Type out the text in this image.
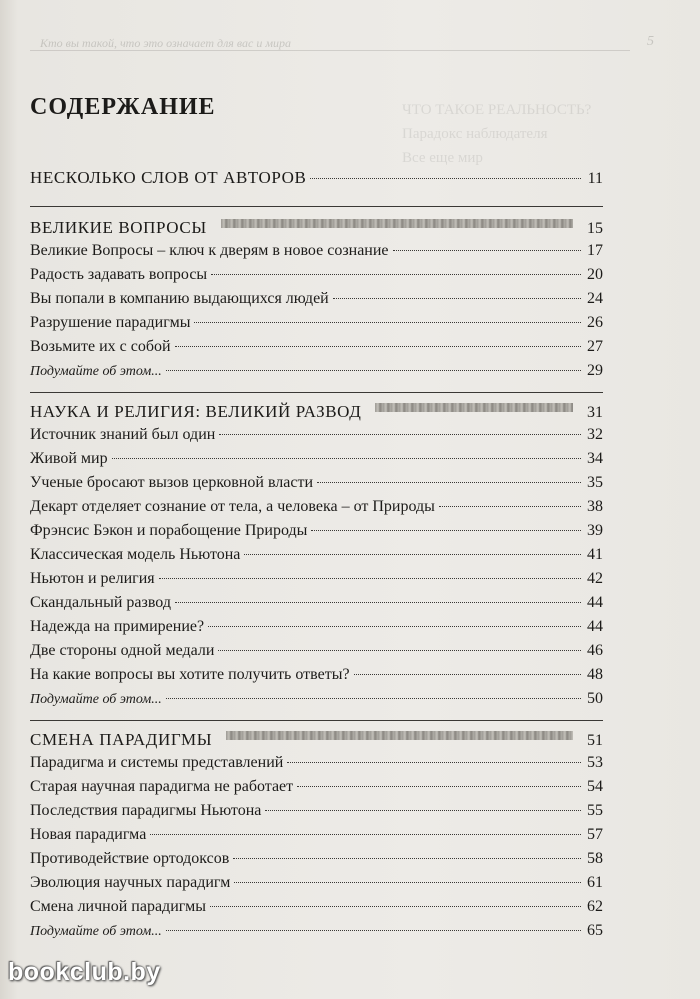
ЧТО ТАКОЕ РЕАЛЬНОСТЬ?
Парадокс наблюдателя
Все еще мир
Кто вы такой, что это означает для вас и мира	5
СОДЕРЖАНИЕ
НЕСКОЛЬКО СЛОВ ОТ АВТОРОВ	11
ВЕЛИКИЕ ВОПРОСЫ	15
Великие Вопросы – ключ к дверям в новое сознание	17
Радость задавать вопросы	20
Вы попали в компанию выдающихся людей	24
Разрушение парадигмы	26
Возьмите их с собой	27
Подумайте об этом...	29
НАУКА И РЕЛИГИЯ: ВЕЛИКИЙ РАЗВОД	31
Источник знаний был один	32
Живой мир	34
Ученые бросают вызов церковной власти	35
Декарт отделяет сознание от тела, а человека – от Природы	38
Фрэнсис Бэкон и порабощение Природы	39
Классическая модель Ньютона	41
Ньютон и религия	42
Скандальный развод	44
Надежда на примирение?	44
Две стороны одной медали	46
На какие вопросы вы хотите получить ответы?	48
Подумайте об этом...	50
СМЕНА ПАРАДИГМЫ	51
Парадигма и системы представлений	53
Старая научная парадигма не работает	54
Последствия парадигмы Ньютона	55
Новая парадигма	57
Противодействие ортодоксов	58
Эволюция научных парадигм	61
Смена личной парадигмы	62
Подумайте об этом...	65
bookclub.by
